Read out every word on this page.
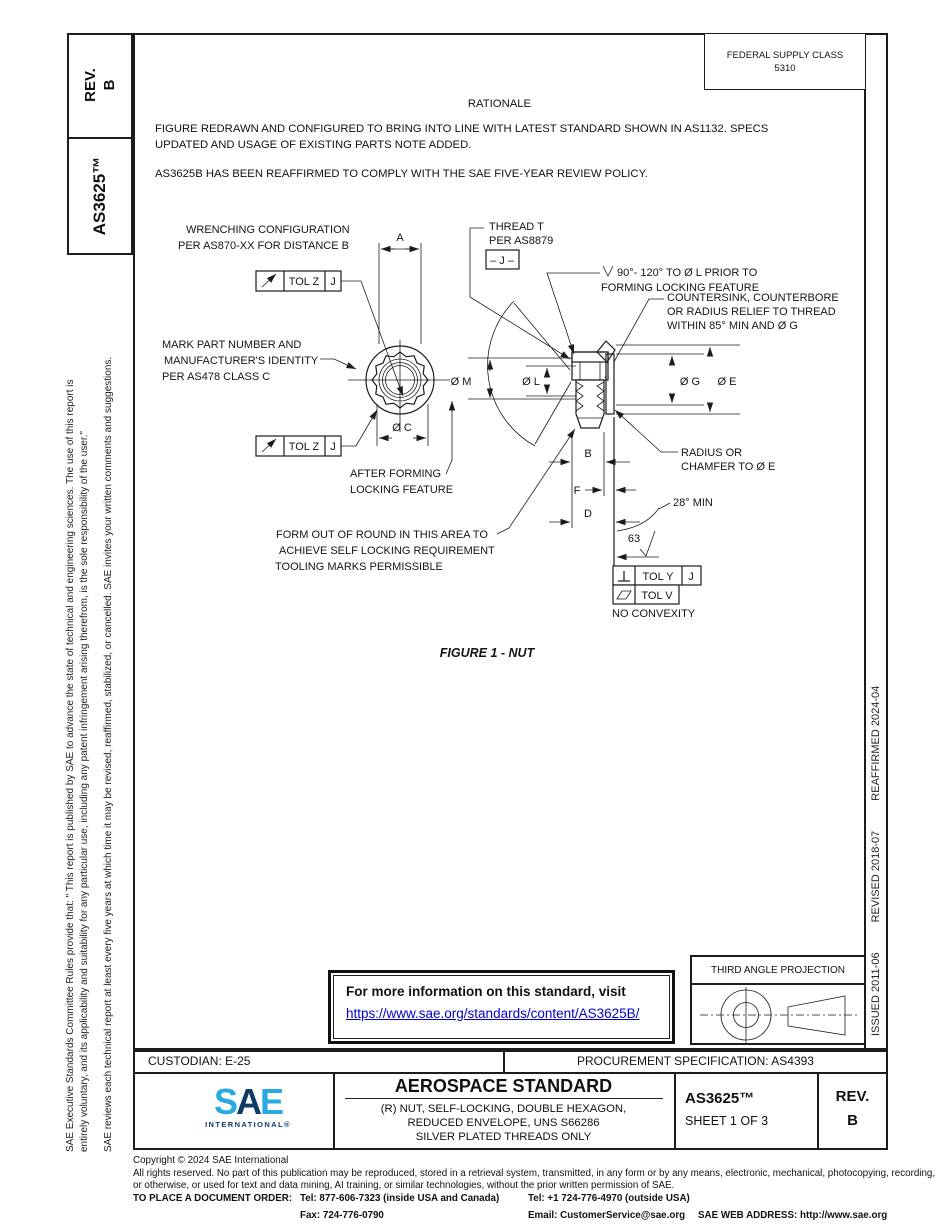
REV. B
AS3625™
SAE Executive Standards Committee Rules provide that: " This report is published by SAE to advance the state of technical and engineering sciences. The use of this report is entirely voluntary, and its applicability and suitability for any particular use, including any patent infringement arising therefrom, is the sole responsibility of the user." SAE reviews each technical report at least every five years at which time it may be revised, reaffirmed, stabilized, or cancelled. SAE invites your written comments and suggestions.	ISSUED 2011-06
REVISED 2018-07
REAFFIRMED 2024-04
FEDERAL SUPPLY CLASS
5310
RATIONALE
FIGURE REDRAWN AND CONFIGURED TO BRING INTO LINE WITH LATEST STANDARD SHOWN IN AS1132. SPECS
UPDATED AND USAGE OF EXISTING PARTS NOTE ADDED.
AS3625B HAS BEEN REAFFIRMED TO COMPLY WITH THE SAE FIVE-YEAR REVIEW POLICY.
A
Ø C
TOL Z J
TOL Z J
WRENCHING CONFIGURATION
PER AS870-XX FOR DISTANCE B
MARK PART NUMBER AND
MANUFACTURER'S IDENTITY
PER AS478 CLASS C
AFTER FORMING
LOCKING FEATURE
FORM OUT OF ROUND IN THIS AREA TO
ACHIEVE SELF LOCKING REQUIREMENT
TOOLING MARKS PERMISSIBLE
Ø M	Ø L	Ø G Ø E
B
F
D
28° MIN
63
TOL Y J
TOL V
NO CONVEXITY
THREAD T
PER AS8879
– J –
90°- 120° TO Ø L PRIOR TO
FORMING LOCKING FEATURE
COUNTERSINK, COUNTERBORE
OR RADIUS RELIEF TO THREAD
WITHIN 85° MIN AND Ø G
RADIUS OR
CHAMFER TO Ø E
FIGURE 1 - NUT
For more information on this standard, visit
https://www.sae.org/standards/content/AS3625B/
THIRD ANGLE PROJECTION
CUSTODIAN: E-25	PROCUREMENT SPECIFICATION: AS4393
SAE
INTERNATIONAL®
AEROSPACE STANDARD
(R) NUT, SELF-LOCKING, DOUBLE HEXAGON,
REDUCED ENVELOPE, UNS S66286
SILVER PLATED THREADS ONLY
AS3625™
SHEET 1 OF 3
REV.
B
Copyright © 2024 SAE International
All rights reserved. No part of this publication may be reproduced, stored in a retrieval system, transmitted, in any form or by any means, electronic, mechanical, photocopying, recording,
or otherwise, or used for text and data mining, AI training, or similar technologies, without the prior written permission of SAE.
TO PLACE A DOCUMENT ORDER: Tel: 877-606-7323 (inside USA and Canada)	Tel: +1 724-776-4970 (outside USA)
Fax: 724-776-0790	Email: CustomerService@sae.org SAE WEB ADDRESS: http://www.sae.org
